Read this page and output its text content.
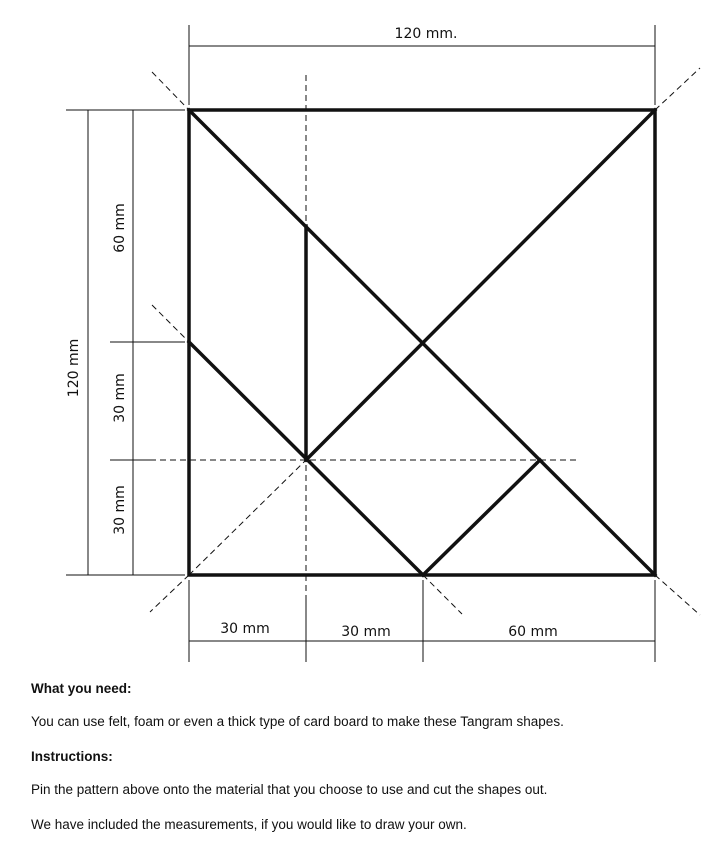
120 mm.
120 mm
60 mm
30 mm
30 mm
30 mm	30 mm	60 mm

What you need:

You can use felt, foam or even a thick type of card board to make these Tangram shapes.

Instructions:

Pin the pattern above onto the material that you choose to use and cut the shapes out.

We have included the measurements, if you would like to draw your own.
